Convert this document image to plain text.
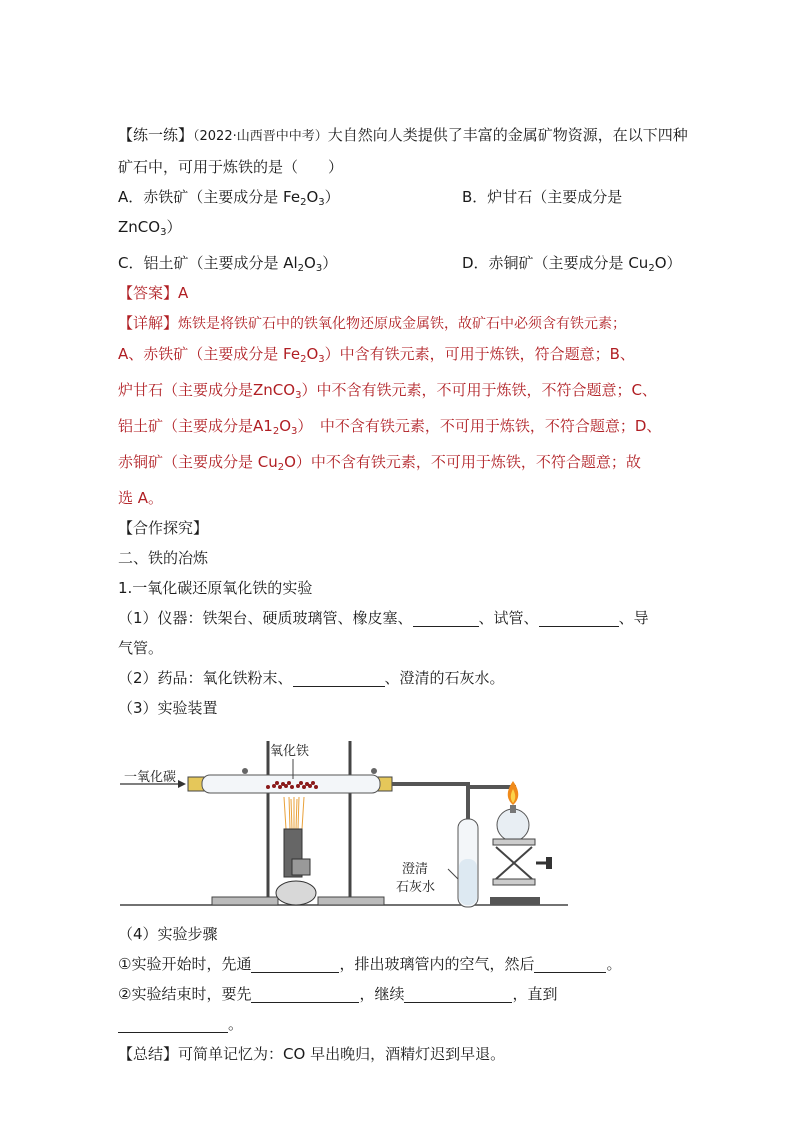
【练一练】（2022·山西晋中中考）大自然向人类提供了丰富的金属矿物资源，在以下四种
矿石中，可用于炼铁的是（　　）
A．赤铁矿（主要成分是 $Fe_2O_3$）	B．炉甘石（主要成分是
ZnCO$_3$）
C．铝土矿（主要成分是 $Al_2O_3$）	D．赤铜矿（主要成分是 $Cu_2O$）
【答案】A
【详解】炼铁是将铁矿石中的铁氧化物还原成金属铁，故矿石中必须含有铁元素；
A、赤铁矿（主要成分是 $Fe_2O_3$）中含有铁元素，可用于炼铁，符合题意；B、
炉甘石（主要成分是ZnCO$_3$）中不含有铁元素，不可用于炼铁，不符合题意；C、
铝土矿（主要成分是$A1_2O_3$）　中不含有铁元素，不可用于炼铁，不符合题意；D、
赤铜矿（主要成分是 $Cu_2O$）中不含有铁元素，不可用于炼铁，不符合题意；故
选 A。
【合作探究】
二、铁的冶炼
1.一氧化碳还原氧化铁的实验
（1）仪器：铁架台、硬质玻璃管、橡皮塞、	、试管、	、导
气管。
（2）药品：氧化铁粉末、	、澄清的石灰水。
（3）实验装置
一氧化碳
氧化铁
澄清
石灰水
（4）实验步骤
①实验开始时，先通	，排出玻璃管内的空气，然后	。
②实验结束时，要先	，继续	，直到
。
【总结】可简单记忆为：CO 早出晚归，酒精灯迟到早退。
